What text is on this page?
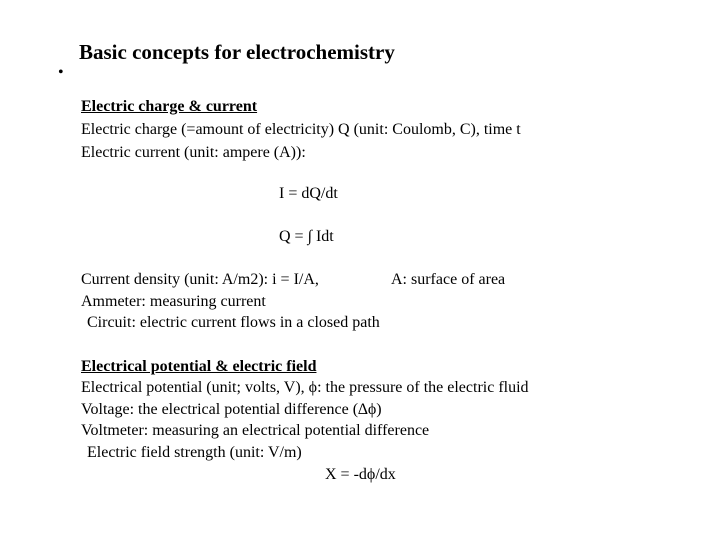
Basic concepts for electrochemistry
•
Electric charge & current
Electric charge (=amount of electricity) Q (unit: Coulomb, C), time t
Electric current (unit: ampere (A)):
I = dQ/dt
Q = ∫ Idt
Current density (unit: A/m2): i = I/A,	A: surface of area
Ammeter: measuring current
Circuit: electric current flows in a closed path
Electrical potential & electric field
Electrical potential (unit; volts, V), ϕ: the pressure of the electric fluid
Voltage: the electrical potential difference (∆ϕ)
Voltmeter: measuring an electrical potential difference
Electric field strength (unit: V/m)
X = -dϕ/dx
